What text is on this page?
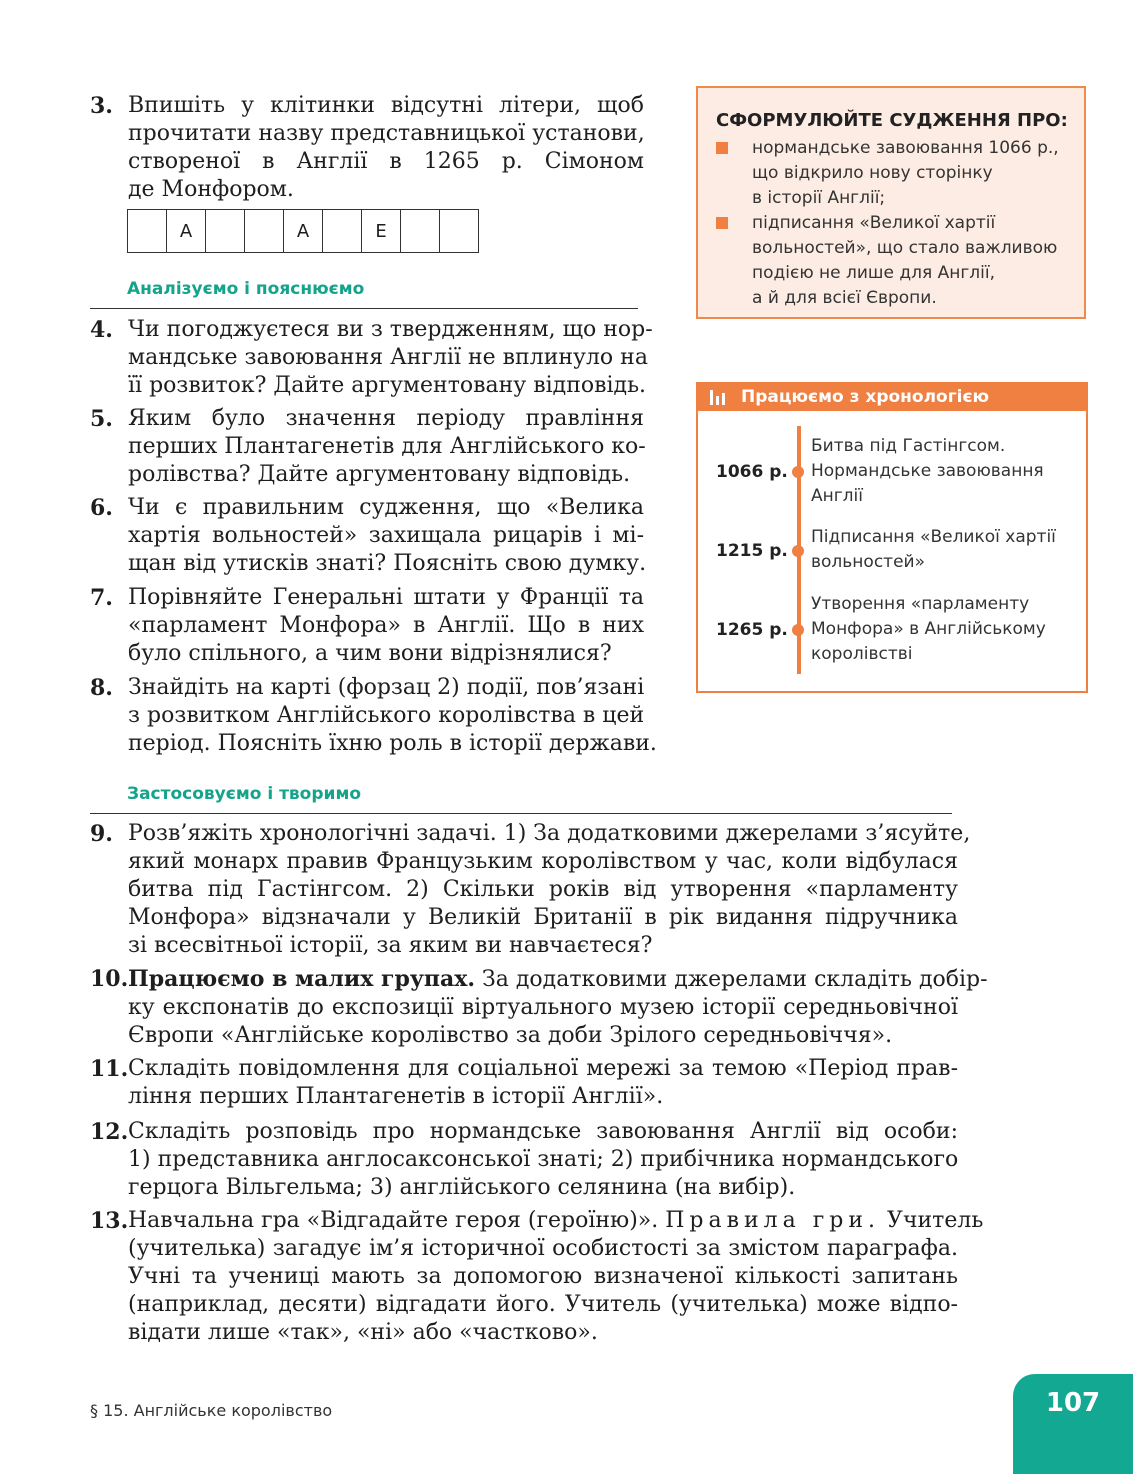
3. Впишіть у клітинки відсутні літери, щоб
прочитати назву представницької установи,
створеної в Англії в 1265 р. Сімоном
де Монфором.
А	А	Е
Аналізуємо і пояснюємо
4. Чи погоджуєтеся ви з твердженням, що нор-
мандське завоювання Англії не вплинуло на
її розвиток? Дайте аргументовану відповідь.
5. Яким було значення періоду правління
перших Плантагенетів для Англійського ко-
ролівства? Дайте аргументовану відповідь.
6. Чи є правильним судження, що «Велика
хартія вольностей» захищала рицарів і мі-
щан від утисків знаті? Поясніть свою думку.
7. Порівняйте Генеральні штати у Франції та
«парламент Монфора» в Англії. Що в них
було спільного, а чим вони відрізнялися?
8. Знайдіть на карті (форзац 2) події, пов’язані
з розвитком Англійського королівства в цей
період. Поясніть їхню роль в історії держави.
Застосовуємо і творимо
9. Розв’яжіть хронологічні задачі. 1) За додатковими джерелами з’ясуйте,
який монарх правив Французьким королівством у час, коли відбулася
битва під Гастінгсом. 2) Скільки років від утворення «парламенту
Монфора» відзначали у Великій Британії в рік видання підручника
зі всесвітньої історії, за яким ви навчаєтеся?
10. Працюємо в малих групах. За додатковими джерелами складіть добір-
ку експонатів до експозиції віртуального музею історії середньовічної
Європи «Англійське королівство за доби Зрілого середньовіччя».
11. Складіть повідомлення для соціальної мережі за темою «Період прав-
ління перших Плантагенетів в історії Англії».
12. Складіть розповідь про нормандське завоювання Англії від особи:
1) представника англосаксонської знаті; 2) прибічника нормандського
герцога Вільгельма; 3) англійського селянина (на вибір).
13. Навчальна гра «Відгадайте героя (героїню)». Правила гри. Учитель
(учителька) загадує ім’я історичної особистості за змістом параграфа.
Учні та учениці мають за допомогою визначеної кількості запитань
(наприклад, десяти) відгадати його. Учитель (учителька) може відпо-
відати лише «так», «ні» або «частково».
СФОРМУЛЮЙТЕ СУДЖЕННЯ ПРО:
нормандське завоювання 1066 р.,
що відкрило нову сторінку
в історії Англії;
підписання «Великої хартії
вольностей», що стало важливою
подією не лише для Англії,
а й для всієї Європи.
Працюємо з хронологією
1066 р.
Битва під Гастінгсом.
Нормандське завоювання
Англії
1215 р.
Підписання «Великої хартії
вольностей»
1265 р.
Утворення «парламенту
Монфора» в Англійському
королівстві
§ 15. Англійське королівство	107
